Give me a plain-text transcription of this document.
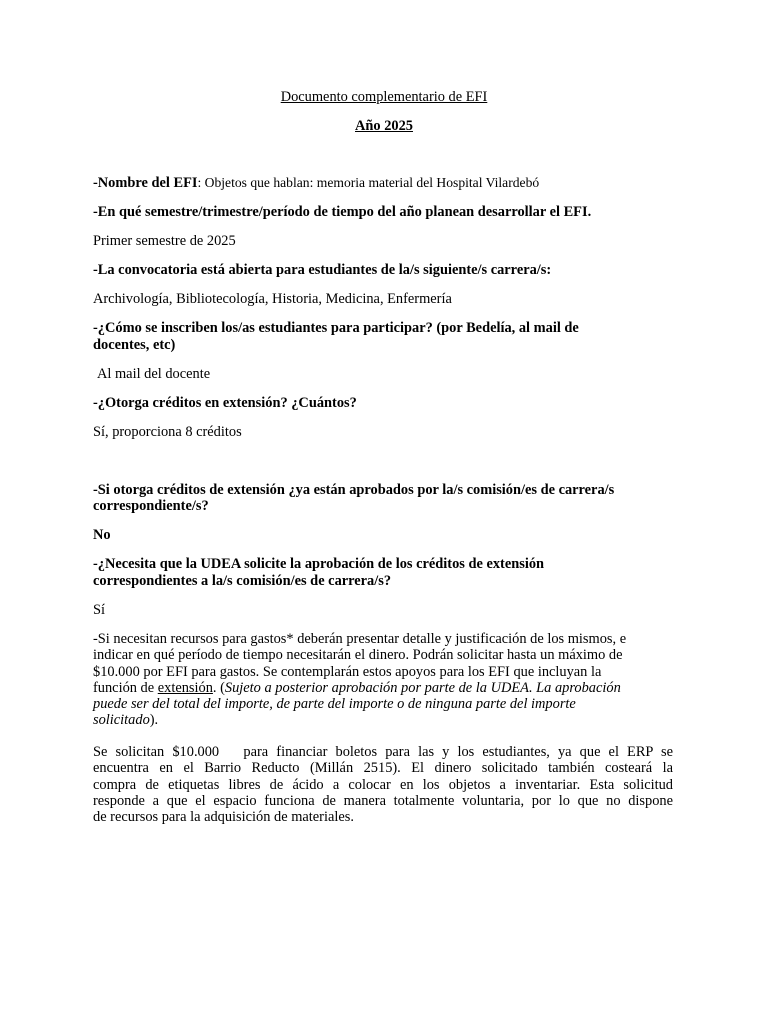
Documento complementario de EFI

Año 2025

-Nombre del EFI: Objetos que hablan: memoria material del Hospital Vilardebó

-En qué semestre/trimestre/período de tiempo del año planean desarrollar el EFI.

Primer semestre de 2025

-La convocatoria está abierta para estudiantes de la/s siguiente/s carrera/s:

Archivología, Bibliotecología, Historia, Medicina, Enfermería

-¿Cómo se inscriben los/as estudiantes para participar? (por Bedelía, al mail de

docentes, etc)

Al mail del docente

-¿Otorga créditos en extensión? ¿Cuántos?

Sí, proporciona 8 créditos

-Si otorga créditos de extensión ¿ya están aprobados por la/s comisión/es de carrera/s

correspondiente/s?

No

-¿Necesita que la UDEA solicite la aprobación de los créditos de extensión

correspondientes a la/s comisión/es de carrera/s?

Sí

-Si necesitan recursos para gastos* deberán presentar detalle y justificación de los mismos, e
indicar en qué período de tiempo necesitarán el dinero. Podrán solicitar hasta un máximo de
$10.000 por EFI para gastos. Se contemplarán estos apoyos para los EFI que incluyan la
función de extensión. (Sujeto a posterior aprobación por parte de la UDEA. La aprobación
puede ser del total del importe, de parte del importe o de ninguna parte del importe
solicitado).
Se solicitan $10.000   para financiar boletos para las y los estudiantes, ya que el ERP se
encuentra en el Barrio Reducto (Millán 2515). El dinero solicitado también costeará la
compra de etiquetas libres de ácido a colocar en los objetos a inventariar. Esta solicitud
responde a que el espacio funciona de manera totalmente voluntaria, por lo que no dispone
de recursos para la adquisición de materiales.
